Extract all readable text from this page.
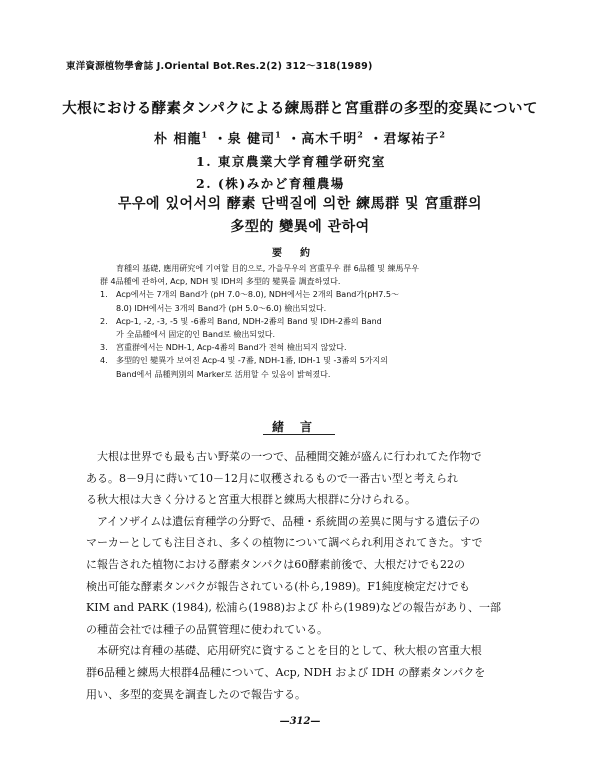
東洋資源植物學會誌 J.Oriental Bot.Res.2(2) 312～318(1989)
大根における酵素タンパクによる練馬群と宮重群の多型的変異について
朴 相龍$^1$ ・泉 健司$^1$ ・高木千明$^2$ ・君塚祐子$^2$
1. 東京農業大学育種学研究室
2. (株)みかど育種農場
무우에 있어서의 酵素 단백질에 의한 練馬群 및 宮重群의
多型的 變異에 관하여
要約

育種의 基礎, 應用硏究에 기여할 目的으로, 가을무우의 宮重무우 群 6品種 및 練馬무우

群 4品種에 관하여, Acp, NDH 및 IDH의 多型的 變異를 調査하였다.

1.	Acp에서는 7개의 Band가 (pH 7.0～8.0), NDH에서는 2개의 Band가(pH7.5～

8.0) IDH에서는 3개의 Band가 (pH 5.0～6.0) 檢出되었다.

2.	Acp-1, -2, -3, -5 및 -6番의 Band, NDH-2番의 Band 및 IDH-2番의 Band

가 全品種에서 固定的인 Band로 檢出되었다.

3.	宮重群에서는 NDH-1, Acp-4番의 Band가 전혀 檢出되지 않았다.

4.	多型的인 變異가 보여진 Acp-4 및 -7番, NDH-1番, IDH-1 및 -3番의 5가지의

Band에서 品種判別의 Marker로 活用할 수 있음이 밝혀졌다.

緒言

大根は世界でも最も古い野菜の一つで、品種間交雑が盛んに行われてた作物で

ある。8－9月に蒔いて10－12月に収穫されるもので一番古い型と考えられ

る秋大根は大きく分けると宮重大根群と練馬大根群に分けられる。

アイソザイムは遺伝育種学の分野で、品種・系統間の差異に関与する遺伝子の

マーカーとしても注目され、多くの植物について調べられ利用されてきた。すで

に報告された植物における酵素タンパクは60酵素前後で、大根だけでも22の

検出可能な酵素タンパクが報告されている(朴ら,1989)。F1純度検定だけでも

KIM and PARK (1984), 松浦ら(1988)および 朴ら(1989)などの報告があり、一部

の種苗会社では種子の品質管理に使われている。

本研究は育種の基礎、応用研究に資することを目的として、秋大根の宮重大根

群6品種と練馬大根群4品種について、Acp, NDH および IDH の酵素タンパクを

用い、多型的変異を調査したので報告する。

—312—
